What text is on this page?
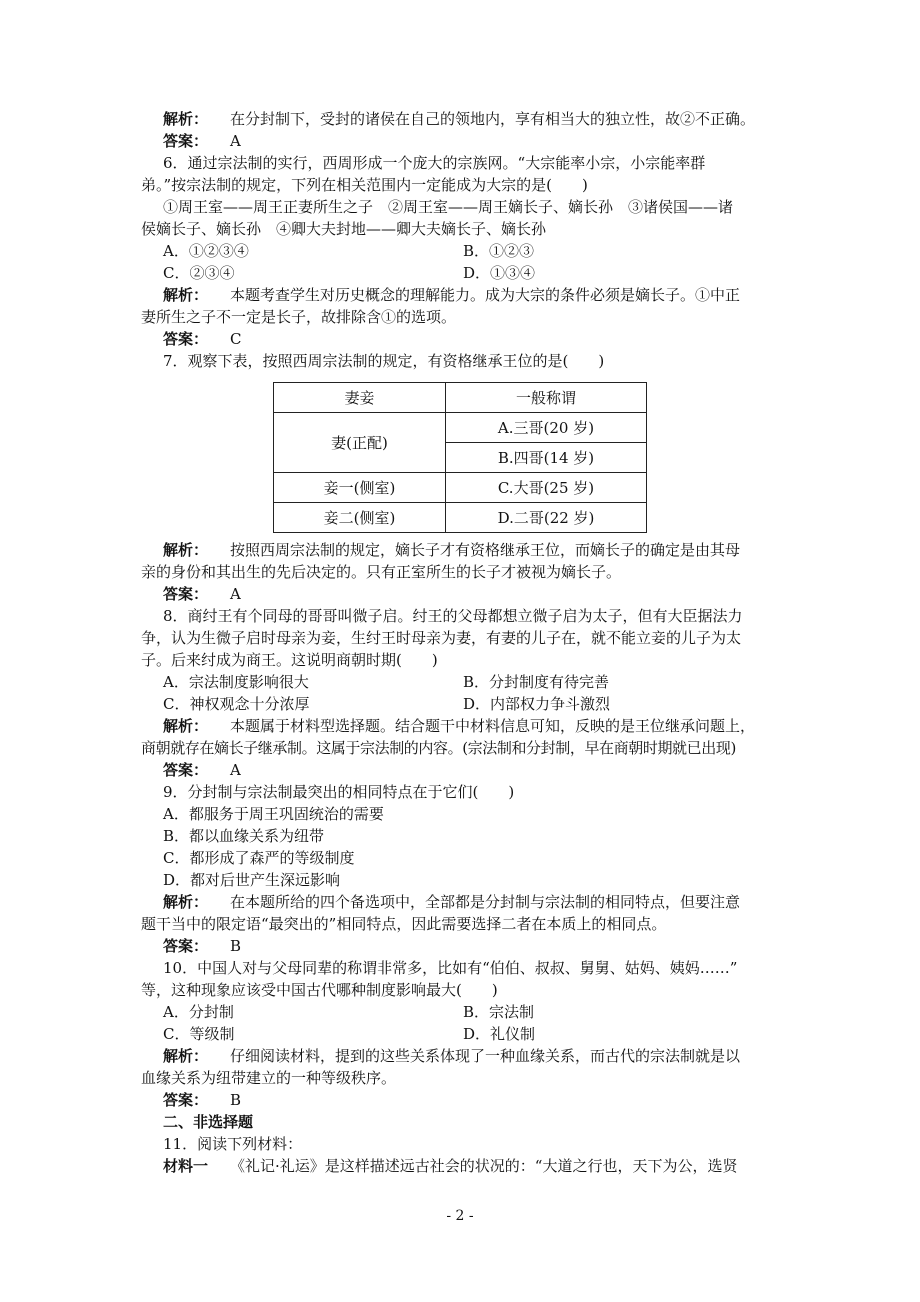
解析： 在分封制下，受封的诸侯在自己的领地内，享有相当大的独立性，故②不正确。
答案： A
6．通过宗法制的实行，西周形成一个庞大的宗族网。“大宗能率小宗，小宗能率群
弟。”按宗法制的规定，下列在相关范围内一定能成为大宗的是(　　)
①周王室——周王正妻所生之子　②周王室——周王嫡长子、嫡长孙　③诸侯国——诸
侯嫡长子、嫡长孙　④卿大夫封地——卿大夫嫡长子、嫡长孙
A．①②③④	B．①②③
C．②③④	D．①③④
解析： 本题考查学生对历史概念的理解能力。成为大宗的条件必须是嫡长子。①中正
妻所生之子不一定是长子，故排除含①的选项。
答案： C
7．观察下表，按照西周宗法制的规定，有资格继承王位的是(　　)
妻妾	一般称谓
妻(正配)	A.三哥(20 岁)
	B.四哥(14 岁)
妾一(侧室)	C.大哥(25 岁)
妾二(侧室)	D.二哥(22 岁)
解析： 按照西周宗法制的规定，嫡长子才有资格继承王位，而嫡长子的确定是由其母
亲的身份和其出生的先后决定的。只有正室所生的长子才被视为嫡长子。
答案： A
8．商纣王有个同母的哥哥叫微子启。纣王的父母都想立微子启为太子，但有大臣据法力
争，认为生微子启时母亲为妾，生纣王时母亲为妻，有妻的儿子在，就不能立妾的儿子为太
子。后来纣成为商王。这说明商朝时期(　　)
A．宗法制度影响很大	B．分封制度有待完善
C．神权观念十分浓厚	D．内部权力争斗激烈
解析： 本题属于材料型选择题。结合题干中材料信息可知，反映的是王位继承问题上，
商朝就存在嫡长子继承制。这属于宗法制的内容。(宗法制和分封制，早在商朝时期就已出现)
答案： A
9．分封制与宗法制最突出的相同特点在于它们(　　)
A．都服务于周王巩固统治的需要
B．都以血缘关系为纽带
C．都形成了森严的等级制度
D．都对后世产生深远影响
解析： 在本题所给的四个备选项中，全部都是分封制与宗法制的相同特点，但要注意
题干当中的限定语“最突出的”相同特点，因此需要选择二者在本质上的相同点。
答案： B
10．中国人对与父母同辈的称谓非常多，比如有“伯伯、叔叔、舅舅、姑妈、姨妈……”
等，这种现象应该受中国古代哪种制度影响最大(　　)
A．分封制	B．宗法制
C．等级制	D．礼仪制
解析： 仔细阅读材料，提到的这些关系体现了一种血缘关系，而古代的宗法制就是以
血缘关系为纽带建立的一种等级秩序。
答案： B
二、非选择题
11．阅读下列材料：
材料一 《礼记·礼运》是这样描述远古社会的状况的：“大道之行也，天下为公，选贤
- 2 -
